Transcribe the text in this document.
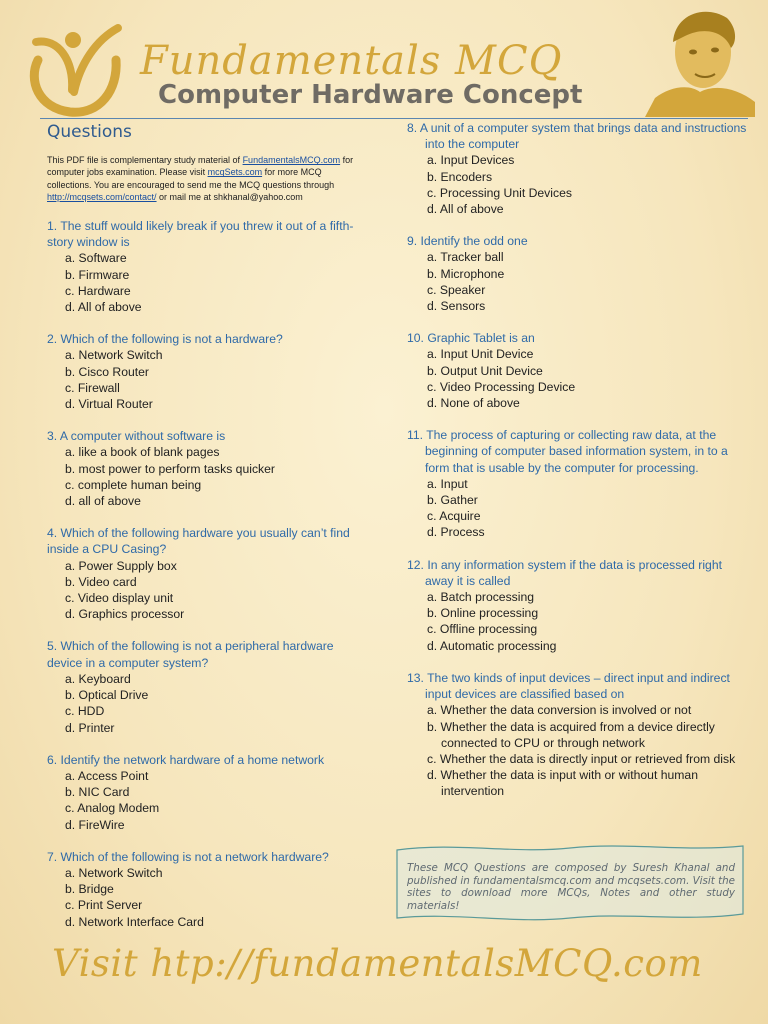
Fundamentals MCQ
Computer Hardware Concept
Questions
This PDF file is complementary study material of FundamentalsMCQ.com for computer jobs examination. Please visit mcqSets.com for more MCQ collections. You are encouraged to send me the MCQ questions through http://mcqsets.com/contact/ or mail me at shkhanal@yahoo.com
1. The stuff would likely break if you threw it out of a fifth-story window is
a. Software
b. Firmware
c. Hardware
d. All of above
2. Which of the following is not a hardware?
a. Network Switch
b. Cisco Router
c. Firewall
d. Virtual Router
3. A computer without software is
a. like a book of blank pages
b. most power to perform tasks quicker
c. complete human being
d. all of above
4. Which of the following hardware you usually can’t find inside a CPU Casing?
a. Power Supply box
b. Video card
c. Video display unit
d. Graphics processor
5. Which of the following is not a peripheral hardware device in a computer system?
a. Keyboard
b. Optical Drive
c. HDD
d. Printer
6. Identify the network hardware of a home network
a. Access Point
b. NIC Card
c. Analog Modem
d. FireWire
7. Which of the following is not a network hardware?
a. Network Switch
b. Bridge
c. Print Server
d. Network Interface Card
8. A unit of a computer system that brings data and instructions into the computer
a. Input Devices
b. Encoders
c. Processing Unit Devices
d. All of above
9. Identify the odd one
a. Tracker ball
b. Microphone
c. Speaker
d. Sensors
10. Graphic Tablet is an
a. Input Unit Device
b. Output Unit Device
c. Video Processing Device
d. None of above
11. The process of capturing or collecting raw data, at the beginning of computer based information system, in to a form that is usable by the computer for processing.
a. Input
b. Gather
c. Acquire
d. Process
12. In any information system if the data is processed right away it is called
a. Batch processing
b. Online processing
c. Offline processing
d. Automatic processing
13. The two kinds of input devices – direct input and indirect input devices are classified based on
a. Whether the data conversion is involved or not
b. Whether the data is acquired from a device directly connected to CPU or through network
c. Whether the data is directly input or retrieved from disk
d. Whether the data is input with or without human intervention
These MCQ Questions are composed by Suresh Khanal and published in fundamentalsmcq.com and mcqsets.com. Visit the sites to download more MCQs, Notes and other study materials!
Visit htp://fundamentalsMCQ.com
